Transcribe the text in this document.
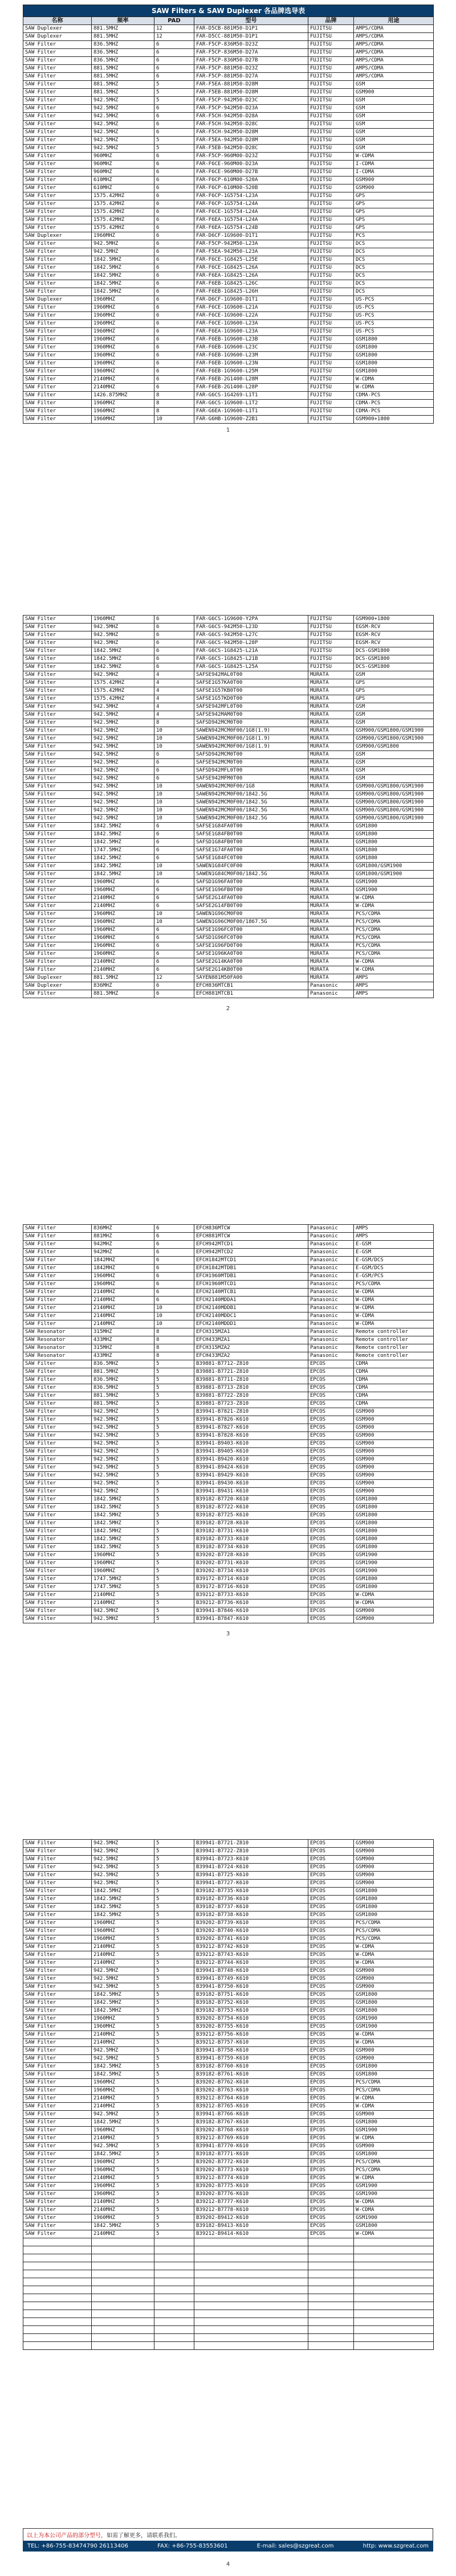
SAW Filters & SAW Duplexer 各品牌选导表					
名称	频率	PAD	型号	品牌	用途
SAW Duplexer	881.5MHZ	12	FAR-D5CB-881M50-D1P1	FUJITSU	AMPS/CDMA
SAW Duplexer	881.5MHZ	12	FAR-D5CC-881M50-D1P1	FUJITSU	AMPS/CDMA
SAW Filter	836.5MHZ	6	FAR-F5CP-836M50-D23Z	FUJITSU	AMPS/CDMA
SAW Filter	836.5MHZ	6	FAR-F5CP-836M50-D27A	FUJITSU	AMPS/CDMA
SAW Filter	836.5MHZ	6	FAR-F5CP-836M50-D27B	FUJITSU	AMPS/CDMA
SAW Filter	881.5MHZ	6	FAR-F5CP-881M50-D23Z	FUJITSU	AMPS/CDMA
SAW Filter	881.5MHZ	6	FAR-F5CP-881M50-D27A	FUJITSU	AMPS/CDMA
SAW Filter	881.5MHZ	5	FAR-F5EA-881M50-D28M	FUJITSU	GSM
SAW Filter	881.5MHZ	5	FAR-F5EB-881M50-D28M	FUJITSU	GSM900
SAW Filter	942.5MHZ	5	FAR-F5CP-942M50-D23C	FUJITSU	GSM
SAW Filter	942.5MHZ	6	FAR-F5CP-942M50-D23A	FUJITSU	GSM
SAW Filter	942.5MHZ	6	FAR-F5CH-942M50-D28A	FUJITSU	GSM
SAW Filter	942.5MHZ	6	FAR-F5CH-942M50-D28C	FUJITSU	GSM
SAW Filter	942.5MHZ	6	FAR-F5CH-942M50-D28M	FUJITSU	GSM
SAW Filter	942.5MHZ	5	FAR-F5EA-942M50-D28M	FUJITSU	GSM
SAW Filter	942.5MHZ	5	FAR-F5EB-942M50-D28C	FUJITSU	GSM
SAW Filter	960MHZ	6	FAR-F5CP-960M00-D23Z	FUJITSU	W-CDMA
SAW Filter	960MHZ	6	FAR-F6CE-960M00-D23A	FUJITSU	I-CDMA
SAW Filter	960MHZ	6	FAR-F6CE-960M00-D27B	FUJITSU	I-CDMA
SAW Filter	610MHZ	6	FAR-F6CP-610M00-S20A	FUJITSU	GSM900
SAW Filter	610MHZ	6	FAR-F6CP-610M00-S20B	FUJITSU	GSM900
SAW Filter	1575.42MHZ	6	FAR-F6CP-1G5754-L23A	FUJITSU	GPS
SAW Filter	1575.42MHZ	6	FAR-F6CP-1G5754-L24A	FUJITSU	GPS
SAW Filter	1575.42MHZ	6	FAR-F6CE-1G5754-L24A	FUJITSU	GPS
SAW Filter	1575.42MHZ	6	FAR-F6EA-1G5754-L24A	FUJITSU	GPS
SAW Filter	1575.42MHZ	6	FAR-F6EA-1G5754-L24B	FUJITSU	GPS
SAW Duplexer	1960MHZ	6	FAR-D6CF-1G9600-D1T1	FUJITSU	PCS
SAW Filter	942.5MHZ	6	FAR-F5CP-942M50-L23A	FUJITSU	DCS
SAW Filter	942.5MHZ	6	FAR-F5EA-942M50-L23A	FUJITSU	DCS
SAW Filter	1842.5MHZ	6	FAR-F6CE-1G8425-L25E	FUJITSU	DCS
SAW Filter	1842.5MHZ	6	FAR-F6CE-1G8425-L26A	FUJITSU	DCS
SAW Filter	1842.5MHZ	6	FAR-F6EA-1G8425-L26A	FUJITSU	DCS
SAW Filter	1842.5MHZ	6	FAR-F6EB-1G8425-L26C	FUJITSU	DCS
SAW Filter	1842.5MHZ	6	FAR-F6EB-1G8425-L26H	FUJITSU	DCS
SAW Duplexer	1960MHZ	6	FAR-D6CF-1G9600-D1T1	FUJITSU	US-PCS
SAW Filter	1960MHZ	6	FAR-F6CE-1G9600-L21A	FUJITSU	US-PCS
SAW Filter	1960MHZ	6	FAR-F6CE-1G9600-L22A	FUJITSU	US-PCS
SAW Filter	1960MHZ	6	FAR-F6CE-1G9600-L23A	FUJITSU	US-PCS
SAW Filter	1960MHZ	6	FAR-F6EA-1G9600-L23A	FUJITSU	US-PCS
SAW Filter	1960MHZ	6	FAR-F6EB-1G9600-L23B	FUJITSU	GSM1800
SAW Filter	1960MHZ	6	FAR-F6EB-1G9600-L23C	FUJITSU	GSM1800
SAW Filter	1960MHZ	6	FAR-F6EB-1G9600-L23M	FUJITSU	GSM1800
SAW Filter	1960MHZ	6	FAR-F6EB-1G9600-L23N	FUJITSU	GSM1800
SAW Filter	1960MHZ	6	FAR-F6EB-1G9600-L25M	FUJITSU	GSM1800
SAW Filter	2140MHZ	6	FAR-F6EB-2G1400-L28M	FUJITSU	W-CDMA
SAW Filter	2140MHZ	6	FAR-F6EB-2G1400-L28P	FUJITSU	W-CDMA
SAW Filter	1426.875MHZ	8	FAR-G6CS-1G4269-L1T1	FUJITSU	CDMA-PCS
SAW Filter	1960MHZ	8	FAR-G6CS-1G9600-L1T2	FUJITSU	CDMA-PCS
SAW Filter	1960MHZ	8	FAR-G6EA-1G9600-L1T1	FUJITSU	CDMA-PCS
SAW Filter	1960MHZ	10	FAR-G6HB-1G9600-Z2B1	FUJITSU	GSM900+1800
1
SAW Filter	1960MHZ	6	FAR-G6CS-1G9600-Y2PA	FUJITSU	GSM900+1800
SAW Filter	942.5MHZ	6	FAR-G6CS-942M50-L23D	FUJITSU	EGSM-RCV
SAW Filter	942.5MHZ	6	FAR-G6CS-942M50-L27C	FUJITSU	EGSM-RCV
SAW Filter	942.5MHZ	6	FAR-G6CS-942M50-L28P	FUJITSU	EGSM-RCV
SAW Filter	1842.5MHZ	6	FAR-G6CS-1G8425-L21A	FUJITSU	DCS-GSM1800
SAW Filter	1842.5MHZ	6	FAR-G6CS-1G8425-L21B	FUJITSU	DCS-GSM1800
SAW Filter	1842.5MHZ	6	FAR-G6CS-1G8425-L25A	FUJITSU	DCS-GSM1800
SAW Filter	942.5MHZ	4	SAFSE942MAL0T00	MURATA	GSM
SAW Filter	1575.42MHZ	4	SAFSE1G57KA0T00	MURATA	GPS
SAW Filter	1575.42MHZ	4	SAFSE1G57KB0T00	MURATA	GPS
SAW Filter	1575.42MHZ	4	SAFSE1G57KD0T00	MURATA	GPS
SAW Filter	942.5MHZ	4	SAFSE942MFL0T00	MURATA	GSM
SAW Filter	942.5MHZ	4	SAFSE942MAM0T00	MURATA	GSM
SAW Filter	942.5MHZ	8	SAFSD942MCM0T00	MURATA	GSM
SAW Filter	942.5MHZ	10	SAWEN942MCM0F00/1G8(1.9)	MURATA	GSM900/GSM1800/GSM1900
SAW Filter	942.5MHZ	10	SAWEN942MCM0F00/1G8(1.9)	MURATA	GSM900/GSM1800/GSM1900
SAW Filter	942.5MHZ	10	SAWEN942MCM0F00/1G8(1.9)	MURATA	GSM900/GSM1800
SAW Filter	942.5MHZ	6	SAFSD942MCM0T00	MURATA	GSM
SAW Filter	942.5MHZ	6	SAFSE942MCM0T00	MURATA	GSM
SAW Filter	942.5MHZ	6	SAFSD942MFL0T00	MURATA	GSM
SAW Filter	942.5MHZ	6	SAFSE942MFM0T00	MURATA	GSM
SAW Filter	942.5MHZ	10	SAWEN942MCM0F00/1G8	MURATA	GSM900/GSM1800/GSM1900
SAW Filter	942.5MHZ	10	SAWEN942MCM0F00/1842.5G	MURATA	GSM900/GSM1800/GSM1900
SAW Filter	942.5MHZ	10	SAWEN942MCM0F00/1842.5G	MURATA	GSM900/GSM1800/GSM1900
SAW Filter	942.5MHZ	10	SAWEN942MCM0F00/1842.5G	MURATA	GSM900/GSM1800/GSM1900
SAW Filter	942.5MHZ	10	SAWEN942MCM0F00/1842.5G	MURATA	GSM900/GSM1800/GSM1900
SAW Filter	1842.5MHZ	6	SAFSE1G84FA0T00	MURATA	GSM1800
SAW Filter	1842.5MHZ	6	SAFSE1G84FB0T00	MURATA	GSM1800
SAW Filter	1842.5MHZ	6	SAFSD1G84FB0T00	MURATA	GSM1800
SAW Filter	1747.5MHZ	6	SAFSE1G74FA0T00	MURATA	GSM1800
SAW Filter	1842.5MHZ	6	SAFSE1G84FC0T00	MURATA	GSM1800
SAW Filter	1842.5MHZ	10	SAWEN1G84FC0F00	MURATA	GSM1800/GSM1900
SAW Filter	1842.5MHZ	10	SAWEN1G84CM0F00/1842.5G	MURATA	GSM1800/GSM1900
SAW Filter	1960MHZ	6	SAFSD1G96FA0T00	MURATA	GSM1900
SAW Filter	1960MHZ	6	SAFSE1G96FB0T00	MURATA	GSM1900
SAW Filter	2140MHZ	6	SAFSE2G14FA0T00	MURATA	W-CDMA
SAW Filter	2140MHZ	6	SAFSE2G14FB0T00	MURATA	W-CDMA
SAW Filter	1960MHZ	10	SAWEN1G96CM0F00	MURATA	PCS/CDMA
SAW Filter	1960MHZ	10	SAWEN1G96CM0F00/1867.5G	MURATA	PCS/CDMA
SAW Filter	1960MHZ	6	SAFSE1G96FC0T00	MURATA	PCS/CDMA
SAW Filter	1960MHZ	6	SAFSD1G96FC0T00	MURATA	PCS/CDMA
SAW Filter	1960MHZ	6	SAFSE1G96FD0T00	MURATA	PCS/CDMA
SAW Filter	1960MHZ	6	SAFSE1G96KA0T00	MURATA	PCS/CDMA
SAW Filter	2140MHZ	6	SAFSE2G14KA0T00	MURATA	W-CDMA
SAW Filter	2140MHZ	6	SAFSE2G14KB0T00	MURATA	W-CDMA
SAW Duplexer	881.5MHZ	12	SAYEN881M50FA00	MURATA	AMPS
SAW Duplexer	836MHZ	6	EFCH836MTCB1	Panasonic	AMPS
SAW Filter	881.5MHZ	6	EFCH881MTCB1	Panasonic	AMPS
2
SAW Filter	836MHZ	6	EFCH836MTCW	Panasonic	AMPS
SAW Filter	881MHZ	6	EFCH881MTCW	Panasonic	AMPS
SAW Filter	942MHZ	6	EFCH942MTCD1	Panasonic	E-GSM
SAW Filter	942MHZ	6	EFCH942MTCD2	Panasonic	E-GSM
SAW Filter	1842MHZ	6	EFCH1842MTCD1	Panasonic	E-GSM/DCS
SAW Filter	1842MHZ	6	EFCH1842MTDB1	Panasonic	E-GSM/DCS
SAW Filter	1960MHZ	6	EFCH1960MTDB1	Panasonic	E-GSM/PCS
SAW Filter	1960MHZ	6	EFCH1960MTCD1	Panasonic	PCS/CDMA
SAW Filter	2140MHZ	6	EFCH2140MTCB1	Panasonic	W-CDMA
SAW Filter	2140MHZ	6	EFCH2140MDDA1	Panasonic	W-CDMA
SAW Filter	2140MHZ	10	EFCH2140MDDB1	Panasonic	W-CDMA
SAW Filter	2140MHZ	10	EFCH2140MDDC1	Panasonic	W-CDMA
SAW Filter	2140MHZ	10	EFCH2140MDDD1	Panasonic	W-CDMA
SAW Resonator	315MHZ	8	EFCH315MZA1	Panasonic	Remote controller
SAW Resonator	433MHZ	8	EFCH433MZA1	Panasonic	Remote controller
SAW Resonator	315MHZ	8	EFCH315MZA2	Panasonic	Remote controller
SAW Resonator	433MHZ	8	EFCH433MZA2	Panasonic	Remote controller
SAW Filter	836.5MHZ	5	B39881-B7712-Z810	EPCOS	CDMA
SAW Filter	881.5MHZ	5	B39881-B7721-Z810	EPCOS	CDMA
SAW Filter	836.5MHZ	5	B39881-B7711-Z810	EPCOS	CDMA
SAW Filter	836.5MHZ	5	B39881-B7713-Z810	EPCOS	CDMA
SAW Filter	881.5MHZ	5	B39881-B7722-Z810	EPCOS	CDMA
SAW Filter	881.5MHZ	5	B39881-B7723-Z810	EPCOS	CDMA
SAW Filter	942.5MHZ	5	B39941-B7821-Z810	EPCOS	GSM900
SAW Filter	942.5MHZ	5	B39941-B7826-K610	EPCOS	GSM900
SAW Filter	942.5MHZ	5	B39941-B7827-K610	EPCOS	GSM900
SAW Filter	942.5MHZ	5	B39941-B7828-K610	EPCOS	GSM900
SAW Filter	942.5MHZ	5	B39941-B9403-K610	EPCOS	GSM900
SAW Filter	942.5MHZ	5	B39941-B9405-K610	EPCOS	GSM900
SAW Filter	942.5MHZ	5	B39941-B9420-K610	EPCOS	GSM900
SAW Filter	942.5MHZ	5	B39941-B9424-K610	EPCOS	GSM900
SAW Filter	942.5MHZ	5	B39941-B9429-K610	EPCOS	GSM900
SAW Filter	942.5MHZ	5	B39941-B9430-K610	EPCOS	GSM900
SAW Filter	942.5MHZ	5	B39941-B9431-K610	EPCOS	GSM900
SAW Filter	1842.5MHZ	5	B39182-B7720-K610	EPCOS	GSM1800
SAW Filter	1842.5MHZ	5	B39182-B7722-K610	EPCOS	GSM1800
SAW Filter	1842.5MHZ	5	B39182-B7725-K610	EPCOS	GSM1800
SAW Filter	1842.5MHZ	5	B39182-B7728-K610	EPCOS	GSM1800
SAW Filter	1842.5MHZ	5	B39182-B7731-K610	EPCOS	GSM1800
SAW Filter	1842.5MHZ	5	B39182-B7733-K610	EPCOS	GSM1800
SAW Filter	1842.5MHZ	5	B39182-B7734-K610	EPCOS	GSM1800
SAW Filter	1960MHZ	5	B39202-B7728-K610	EPCOS	GSM1900
SAW Filter	1960MHZ	5	B39202-B7731-K610	EPCOS	GSM1900
SAW Filter	1960MHZ	5	B39202-B7734-K610	EPCOS	GSM1900
SAW Filter	1747.5MHZ	5	B39172-B7714-K610	EPCOS	GSM1800
SAW Filter	1747.5MHZ	5	B39172-B7716-K610	EPCOS	GSM1800
SAW Filter	2140MHZ	5	B39212-B7733-K610	EPCOS	W-CDMA
SAW Filter	2140MHZ	5	B39212-B7736-K610	EPCOS	W-CDMA
SAW Filter	942.5MHZ	5	B39941-B7846-K610	EPCOS	GSM900
SAW Filter	942.5MHZ	5	B39941-B7847-K610	EPCOS	GSM900
3
SAW Filter	942.5MHZ	5	B39941-B7721-Z810	EPCOS	GSM900
SAW Filter	942.5MHZ	5	B39941-B7722-Z810	EPCOS	GSM900
SAW Filter	942.5MHZ	5	B39941-B7723-K610	EPCOS	GSM900
SAW Filter	942.5MHZ	5	B39941-B7724-K610	EPCOS	GSM900
SAW Filter	942.5MHZ	5	B39941-B7725-K610	EPCOS	GSM900
SAW Filter	942.5MHZ	5	B39941-B7727-K610	EPCOS	GSM900
SAW Filter	1842.5MHZ	5	B39182-B7735-K610	EPCOS	GSM1800
SAW Filter	1842.5MHZ	5	B39182-B7736-K610	EPCOS	GSM1800
SAW Filter	1842.5MHZ	5	B39182-B7737-K610	EPCOS	GSM1800
SAW Filter	1842.5MHZ	5	B39182-B7738-K610	EPCOS	GSM1800
SAW Filter	1960MHZ	5	B39202-B7739-K610	EPCOS	PCS/CDMA
SAW Filter	1960MHZ	5	B39202-B7740-K610	EPCOS	PCS/CDMA
SAW Filter	1960MHZ	5	B39202-B7741-K610	EPCOS	PCS/CDMA
SAW Filter	2140MHZ	5	B39212-B7742-K610	EPCOS	W-CDMA
SAW Filter	2140MHZ	5	B39212-B7743-K610	EPCOS	W-CDMA
SAW Filter	2140MHZ	5	B39212-B7744-K610	EPCOS	W-CDMA
SAW Filter	942.5MHZ	5	B39941-B7748-K610	EPCOS	GSM900
SAW Filter	942.5MHZ	5	B39941-B7749-K610	EPCOS	GSM900
SAW Filter	942.5MHZ	5	B39941-B7750-K610	EPCOS	GSM900
SAW Filter	1842.5MHZ	5	B39182-B7751-K610	EPCOS	GSM1800
SAW Filter	1842.5MHZ	5	B39182-B7752-K610	EPCOS	GSM1800
SAW Filter	1842.5MHZ	5	B39182-B7753-K610	EPCOS	GSM1800
SAW Filter	1960MHZ	5	B39202-B7754-K610	EPCOS	GSM1900
SAW Filter	1960MHZ	5	B39202-B7755-K610	EPCOS	GSM1900
SAW Filter	2140MHZ	5	B39212-B7756-K610	EPCOS	W-CDMA
SAW Filter	2140MHZ	5	B39212-B7757-K610	EPCOS	W-CDMA
SAW Filter	942.5MHZ	5	B39941-B7758-K610	EPCOS	GSM900
SAW Filter	942.5MHZ	5	B39941-B7759-K610	EPCOS	GSM900
SAW Filter	1842.5MHZ	5	B39182-B7760-K610	EPCOS	GSM1800
SAW Filter	1842.5MHZ	5	B39182-B7761-K610	EPCOS	GSM1800
SAW Filter	1960MHZ	5	B39202-B7762-K610	EPCOS	PCS/CDMA
SAW Filter	1960MHZ	5	B39202-B7763-K610	EPCOS	PCS/CDMA
SAW Filter	2140MHZ	5	B39212-B7764-K610	EPCOS	W-CDMA
SAW Filter	2140MHZ	5	B39212-B7765-K610	EPCOS	W-CDMA
SAW Filter	942.5MHZ	5	B39941-B7766-K610	EPCOS	GSM900
SAW Filter	1842.5MHZ	5	B39182-B7767-K610	EPCOS	GSM1800
SAW Filter	1960MHZ	5	B39202-B7768-K610	EPCOS	GSM1900
SAW Filter	2140MHZ	5	B39212-B7769-K610	EPCOS	W-CDMA
SAW Filter	942.5MHZ	5	B39941-B7770-K610	EPCOS	GSM900
SAW Filter	1842.5MHZ	5	B39182-B7771-K610	EPCOS	GSM1800
SAW Filter	1960MHZ	5	B39202-B7772-K610	EPCOS	PCS/CDMA
SAW Filter	1960MHZ	5	B39202-B7773-K610	EPCOS	PCS/CDMA
SAW Filter	2140MHZ	5	B39212-B7774-K610	EPCOS	W-CDMA
SAW Filter	1960MHZ	5	B39202-B7775-K610	EPCOS	GSM1900
SAW Filter	1960MHZ	5	B39202-B7776-K610	EPCOS	GSM1900
SAW Filter	2140MHZ	5	B39212-B7777-K610	EPCOS	W-CDMA
SAW Filter	2140MHZ	5	B39212-B7778-K610	EPCOS	W-CDMA
SAW Filter	1960MHZ	5	B39202-B9412-K610	EPCOS	GSM1900
SAW Filter	1842.5MHZ	5	B39182-B9413-K610	EPCOS	GSM1800
SAW Filter	2140MHZ	5	B39212-B9414-K610	EPCOS	W-CDMA

4
以上为本公司产品的部分型号，如需了解更多，请联系我们。
TEL: +86-755-83474790 26113406	FAX: +86-755-83553601	E-mail: sales@szgreat.com	http: www.szgreat.com
